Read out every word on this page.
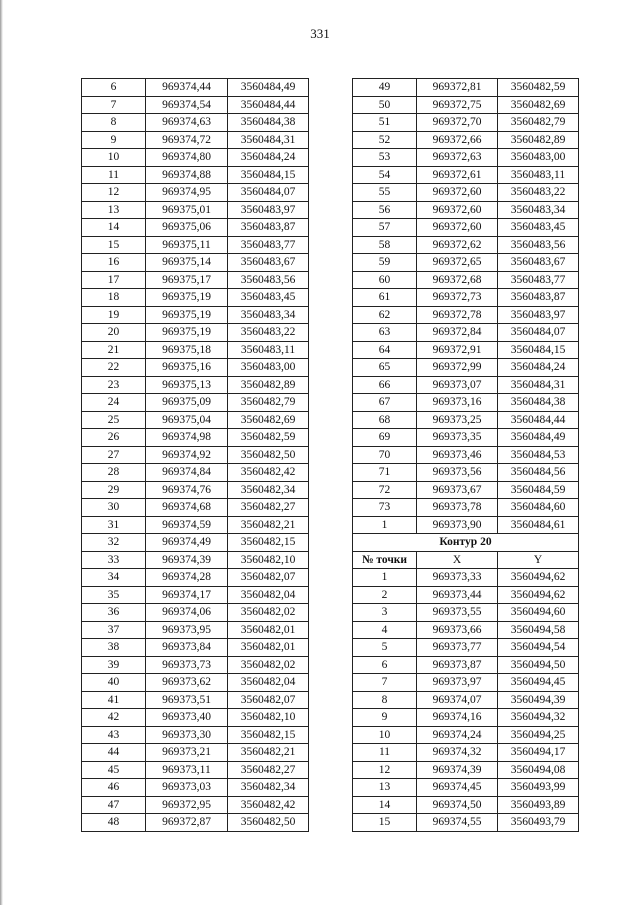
331
6	969374,44	3560484,49
7	969374,54	3560484,44
8	969374,63	3560484,38
9	969374,72	3560484,31
10	969374,80	3560484,24
11	969374,88	3560484,15
12	969374,95	3560484,07
13	969375,01	3560483,97
14	969375,06	3560483,87
15	969375,11	3560483,77
16	969375,14	3560483,67
17	969375,17	3560483,56
18	969375,19	3560483,45
19	969375,19	3560483,34
20	969375,19	3560483,22
21	969375,18	3560483,11
22	969375,16	3560483,00
23	969375,13	3560482,89
24	969375,09	3560482,79
25	969375,04	3560482,69
26	969374,98	3560482,59
27	969374,92	3560482,50
28	969374,84	3560482,42
29	969374,76	3560482,34
30	969374,68	3560482,27
31	969374,59	3560482,21
32	969374,49	3560482,15
33	969374,39	3560482,10
34	969374,28	3560482,07
35	969374,17	3560482,04
36	969374,06	3560482,02
37	969373,95	3560482,01
38	969373,84	3560482,01
39	969373,73	3560482,02
40	969373,62	3560482,04
41	969373,51	3560482,07
42	969373,40	3560482,10
43	969373,30	3560482,15
44	969373,21	3560482,21
45	969373,11	3560482,27
46	969373,03	3560482,34
47	969372,95	3560482,42
48	969372,87	3560482,50
49	969372,81	3560482,59
50	969372,75	3560482,69
51	969372,70	3560482,79
52	969372,66	3560482,89
53	969372,63	3560483,00
54	969372,61	3560483,11
55	969372,60	3560483,22
56	969372,60	3560483,34
57	969372,60	3560483,45
58	969372,62	3560483,56
59	969372,65	3560483,67
60	969372,68	3560483,77
61	969372,73	3560483,87
62	969372,78	3560483,97
63	969372,84	3560484,07
64	969372,91	3560484,15
65	969372,99	3560484,24
66	969373,07	3560484,31
67	969373,16	3560484,38
68	969373,25	3560484,44
69	969373,35	3560484,49
70	969373,46	3560484,53
71	969373,56	3560484,56
72	969373,67	3560484,59
73	969373,78	3560484,60
1	969373,90	3560484,61
Контур 20		
№ точки	X	Y
1	969373,33	3560494,62
2	969373,44	3560494,62
3	969373,55	3560494,60
4	969373,66	3560494,58
5	969373,77	3560494,54
6	969373,87	3560494,50
7	969373,97	3560494,45
8	969374,07	3560494,39
9	969374,16	3560494,32
10	969374,24	3560494,25
11	969374,32	3560494,17
12	969374,39	3560494,08
13	969374,45	3560493,99
14	969374,50	3560493,89
15	969374,55	3560493,79
